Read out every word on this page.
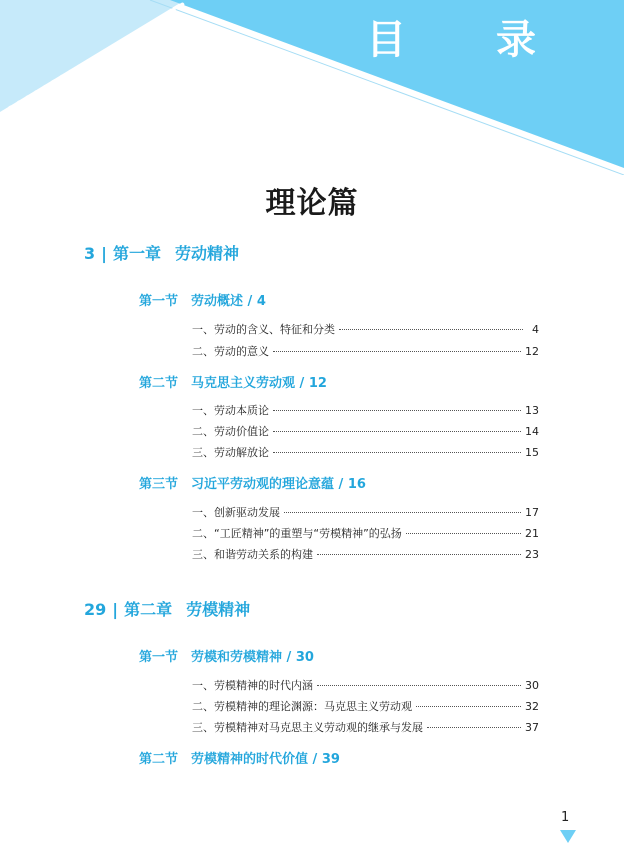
目 录
理论篇
3 | 第一章 劳动精神
第一节 劳动概述 / 4
一、劳动的含义、特征和分类	4
二、劳动的意义	12
第二节 马克思主义劳动观 / 12
一、劳动本质论	13
二、劳动价值论	14
三、劳动解放论	15
第三节 习近平劳动观的理论意蕴 / 16
一、创新驱动发展	17
二、“工匠精神”的重塑与“劳模精神”的弘扬	21
三、和谐劳动关系的构建	23
29 | 第二章 劳模精神
第一节 劳模和劳模精神 / 30
一、劳模精神的时代内涵	30
二、劳模精神的理论渊源：马克思主义劳动观	32
三、劳模精神对马克思主义劳动观的继承与发展	37
第二节 劳模精神的时代价值 / 39
1
